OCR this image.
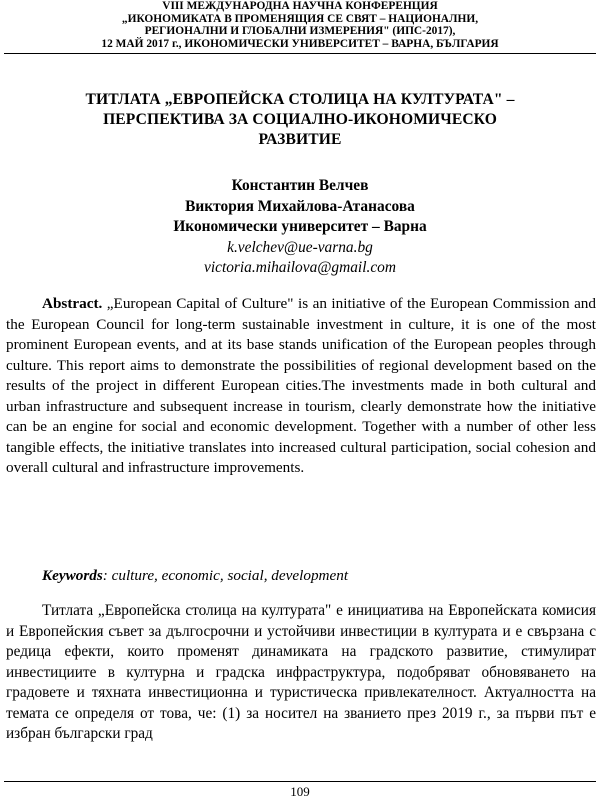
VIII МЕЖДУНАРОДНА НАУЧНА КОНФЕРЕНЦИЯ
„ИКОНОМИКАТА В ПРОМЕНЯЩИЯ СЕ СВЯТ – НАЦИОНАЛНИ,
РЕГИОНАЛНИ И ГЛОБАЛНИ ИЗМЕРЕНИЯ" (ИПС-2017),
12 МАЙ 2017 г., ИКОНОМИЧЕСКИ УНИВЕРСИТЕТ – ВАРНА, БЪЛГАРИЯ
ТИТЛАТА „ЕВРОПЕЙСКА СТОЛИЦА НА КУЛТУРАТА" –
ПЕРСПЕКТИВА ЗА СОЦИАЛНО-ИКОНОМИЧЕСКО
РАЗВИТИЕ
Константин Велчев
Виктория Михайлова-Атанасова
Икономически университет – Варна
k.velchev@ue-varna.bg
victoria.mihailova@gmail.com

Abstract. „European Capital of Culture" is an initiative of the European Commission and the European Council for long-term sustainable investment in culture, it is one of the most prominent European events, and at its base stands unification of the European peoples through culture. This report aims to demonstrate the possibilities of regional development based on the results of the project in different European cities.The investments made in both cultural and urban infrastructure and subsequent increase in tourism, clearly demonstrate how the initiative can be an engine for social and economic development. Together with a number of other less tangible effects, the initiative translates into increased cultural participation, social cohesion and overall cultural and infrastructure improvements.

Keywords: culture, economic, social, development

Титлата „Европейска столица на културата" е инициатива на Европейската комисия и Европейския съвет за дългосрочни и устойчиви инвестиции в културата и е свързана с редица ефекти, които променят динамиката на градското развитие, стимулират инвестициите в културна и градска инфраструктура, подобряват обновяването на градовете и тяхната инвестиционна и туристическа привлекателност. Актуалността на темата се определя от това, че: (1) за носител на званието през 2019 г., за първи път е избран български град

109
